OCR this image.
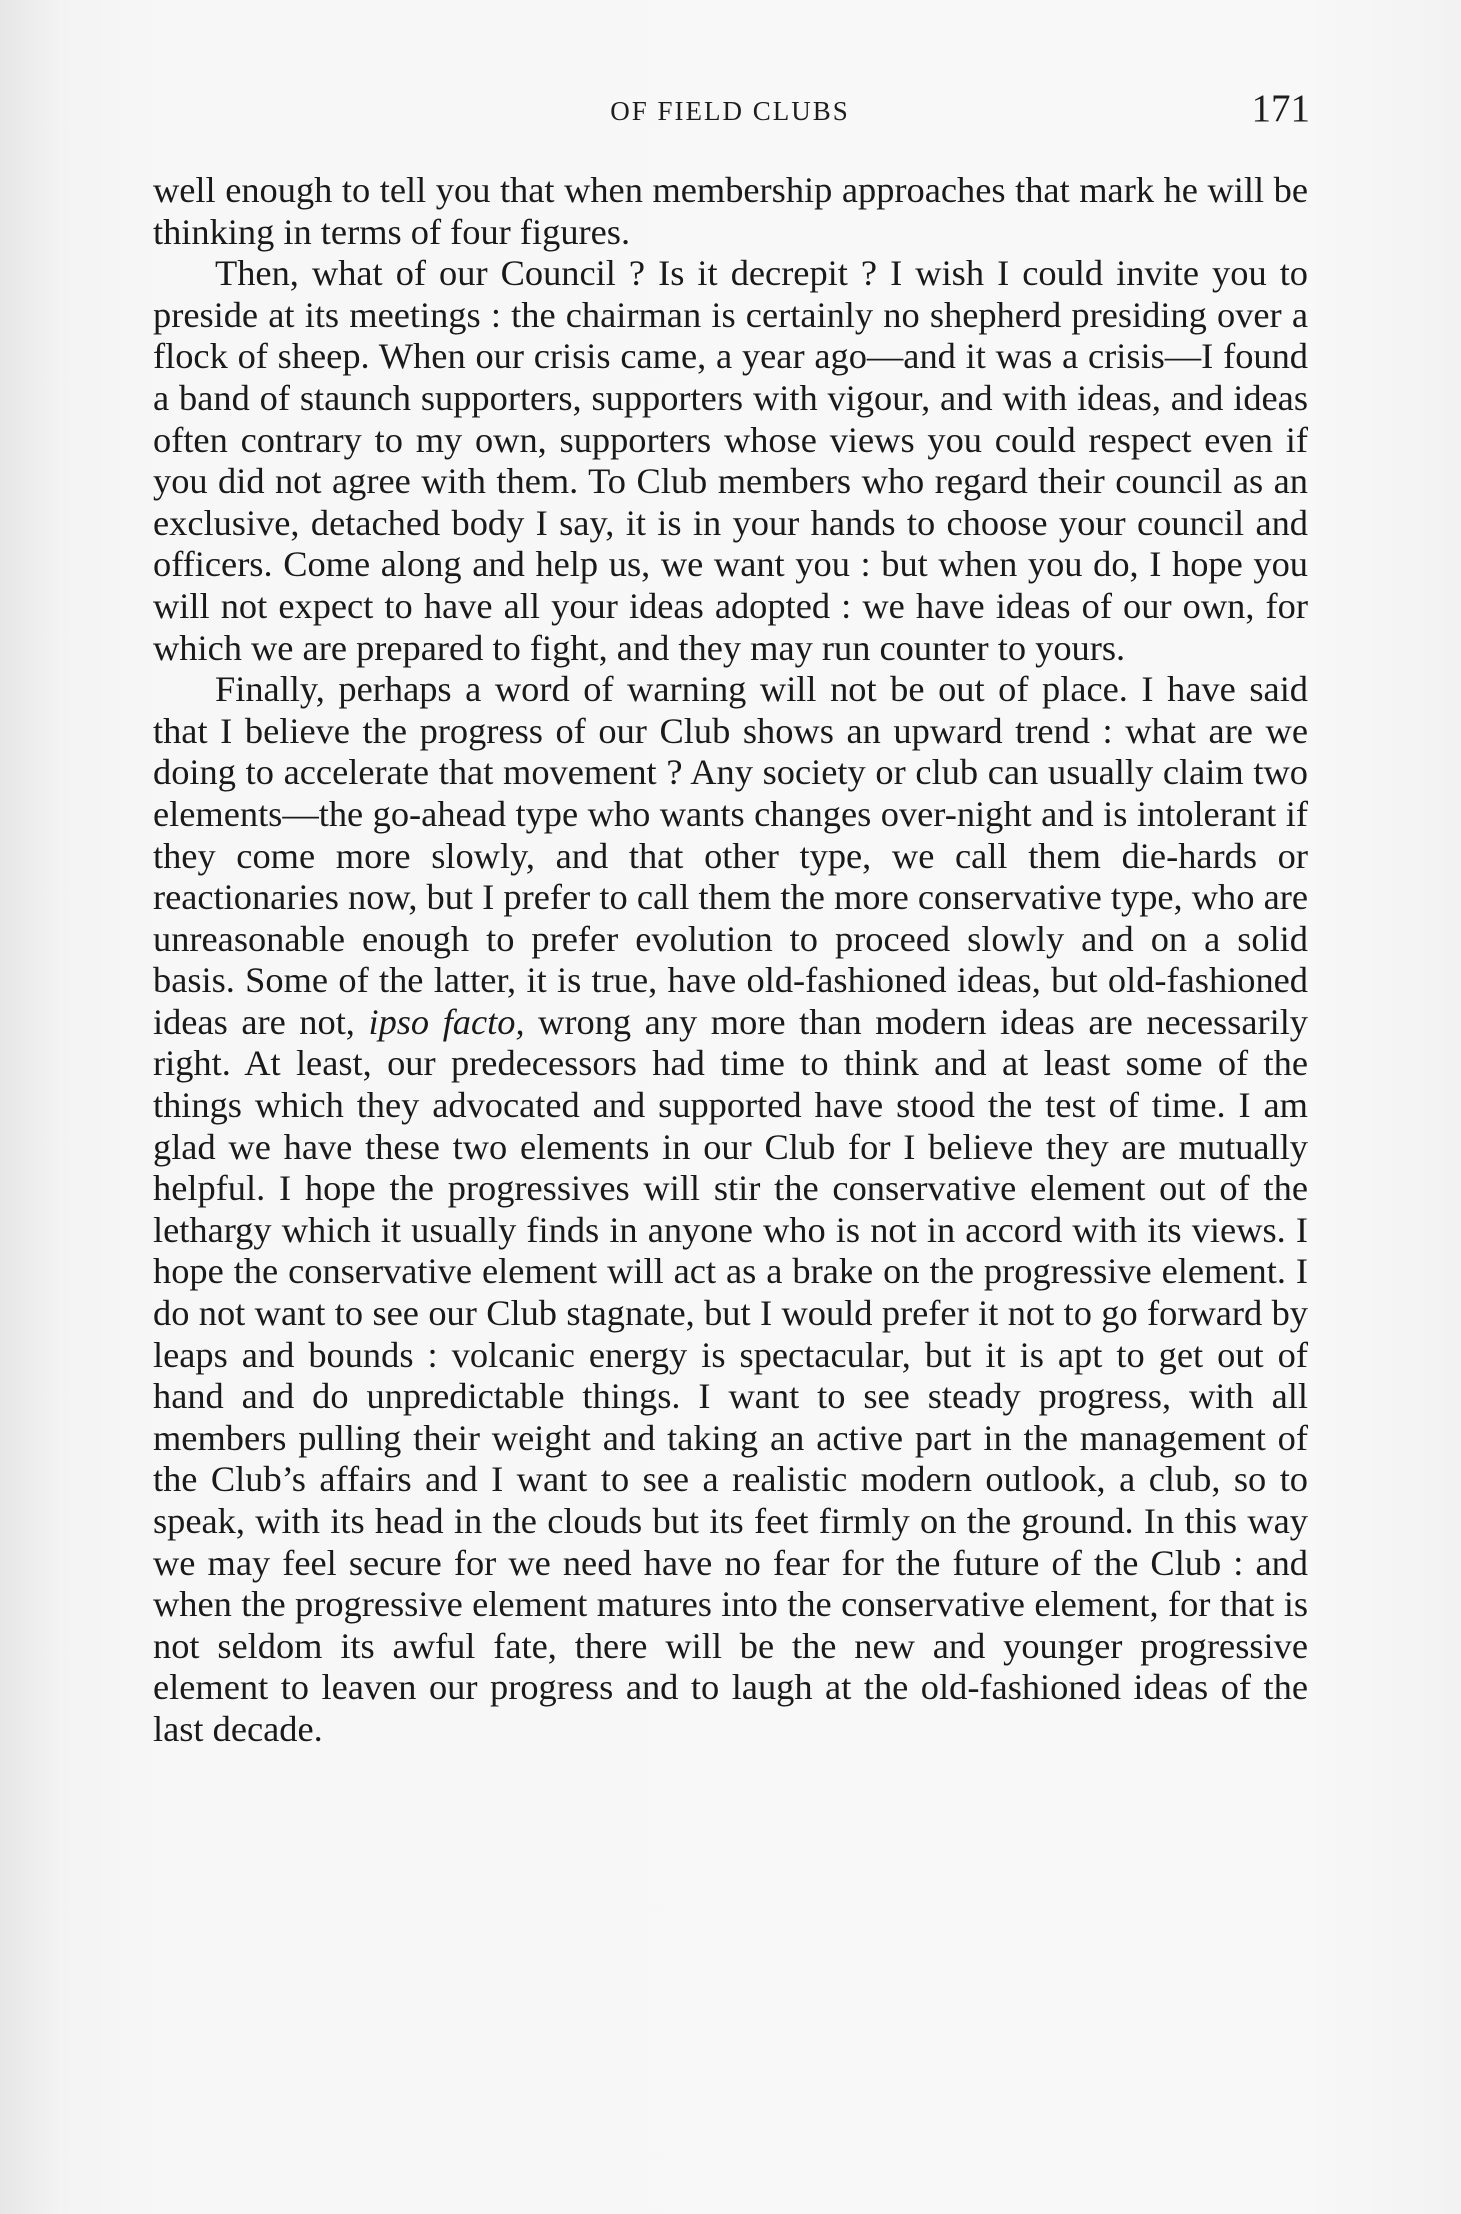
OF FIELD CLUBS	171

well enough to tell you that when membership approaches that mark he will be thinking in terms of four figures.

Then, what of our Council ? Is it decrepit ? I wish I could invite you to preside at its meetings : the chairman is certainly no shepherd presiding over a flock of sheep. When our crisis came, a year ago—and it was a crisis—I found a band of staunch supporters, supporters with vigour, and with ideas, and ideas often contrary to my own, supporters whose views you could respect even if you did not agree with them. To Club members who regard their council as an exclusive, detached body I say, it is in your hands to choose your council and officers. Come along and help us, we want you : but when you do, I hope you will not expect to have all your ideas adopted : we have ideas of our own, for which we are prepared to fight, and they may run counter to yours.

Finally, perhaps a word of warning will not be out of place. I have said that I believe the progress of our Club shows an upward trend : what are we doing to accelerate that movement ? Any society or club can usually claim two elements—the go-ahead type who wants changes over-night and is intolerant if they come more slowly, and that other type, we call them die-hards or reactionaries now, but I prefer to call them the more conservative type, who are unreasonable enough to prefer evolution to proceed slowly and on a solid basis. Some of the latter, it is true, have old-fashioned ideas, but old-fashioned ideas are not, ipso facto, wrong any more than modern ideas are necessarily right. At least, our predecessors had time to think and at least some of the things which they advocated and supported have stood the test of time. I am glad we have these two elements in our Club for I believe they are mutually helpful. I hope the progressives will stir the conservative element out of the lethargy which it usually finds in anyone who is not in accord with its views. I hope the conservative element will act as a brake on the progressive element. I do not want to see our Club stagnate, but I would prefer it not to go forward by leaps and bounds : volcanic energy is spectacular, but it is apt to get out of hand and do unpredictable things. I want to see steady progress, with all members pulling their weight and taking an active part in the management of the Club’s affairs and I want to see a realistic modern outlook, a club, so to speak, with its head in the clouds but its feet firmly on the ground. In this way we may feel secure for we need have no fear for the future of the Club : and when the progressive element matures into the conservative element, for that is not seldom its awful fate, there will be the new and younger progressive element to leaven our progress and to laugh at the old-fashioned ideas of the last decade.
